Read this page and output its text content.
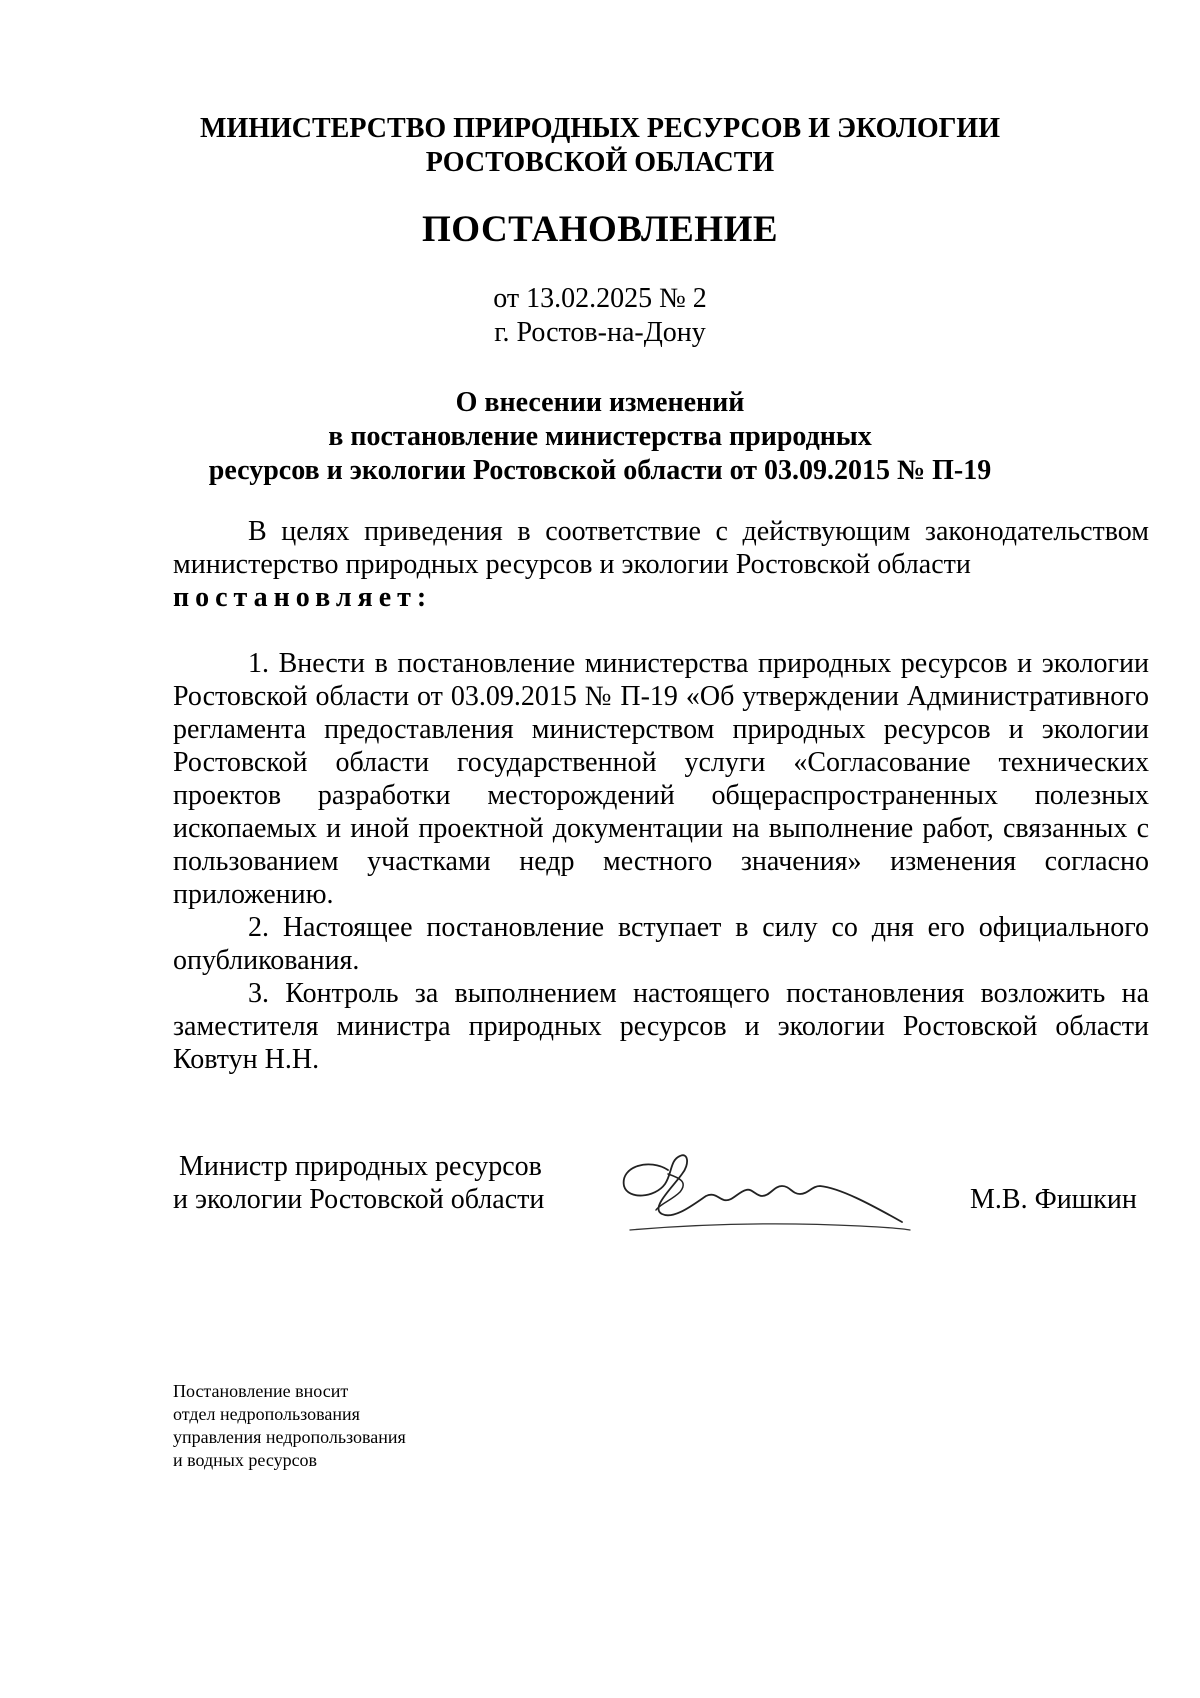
МИНИСТЕРСТВО ПРИРОДНЫХ РЕСУРСОВ И ЭКОЛОГИИ
РОСТОВСКОЙ ОБЛАСТИ
ПОСТАНОВЛЕНИЕ
от 13.02.2025 № 2
г. Ростов-на-Дону
О внесении изменений
в постановление министерства природных
ресурсов и экологии Ростовской области от 03.09.2015 № П-19

В целях приведения в соответствие с действующим законодательством министерство природных ресурсов и экологии Ростовской области

постановляет:

1. Внести в постановление министерства природных ресурсов и экологии Ростовской области от 03.09.2015 № П-19 «Об утверждении Административного регламента предоставления министерством природных ресурсов и экологии Ростовской области государственной услуги «Согласование технических проектов разработки месторождений общераспространенных полезных ископаемых и иной проектной документации на выполнение работ, связанных с пользованием участками недр местного значения» изменения согласно приложению.

2. Настоящее постановление вступает в силу со дня его официального опубликования.

3. Контроль за выполнением настоящего постановления возложить на заместителя министра природных ресурсов и экологии Ростовской области Ковтун Н.Н.

Министр природных ресурсов
и экологии Ростовской области	М.В. Фишкин
Постановление вносит
отдел недропользования
управления недропользования
и водных ресурсов
